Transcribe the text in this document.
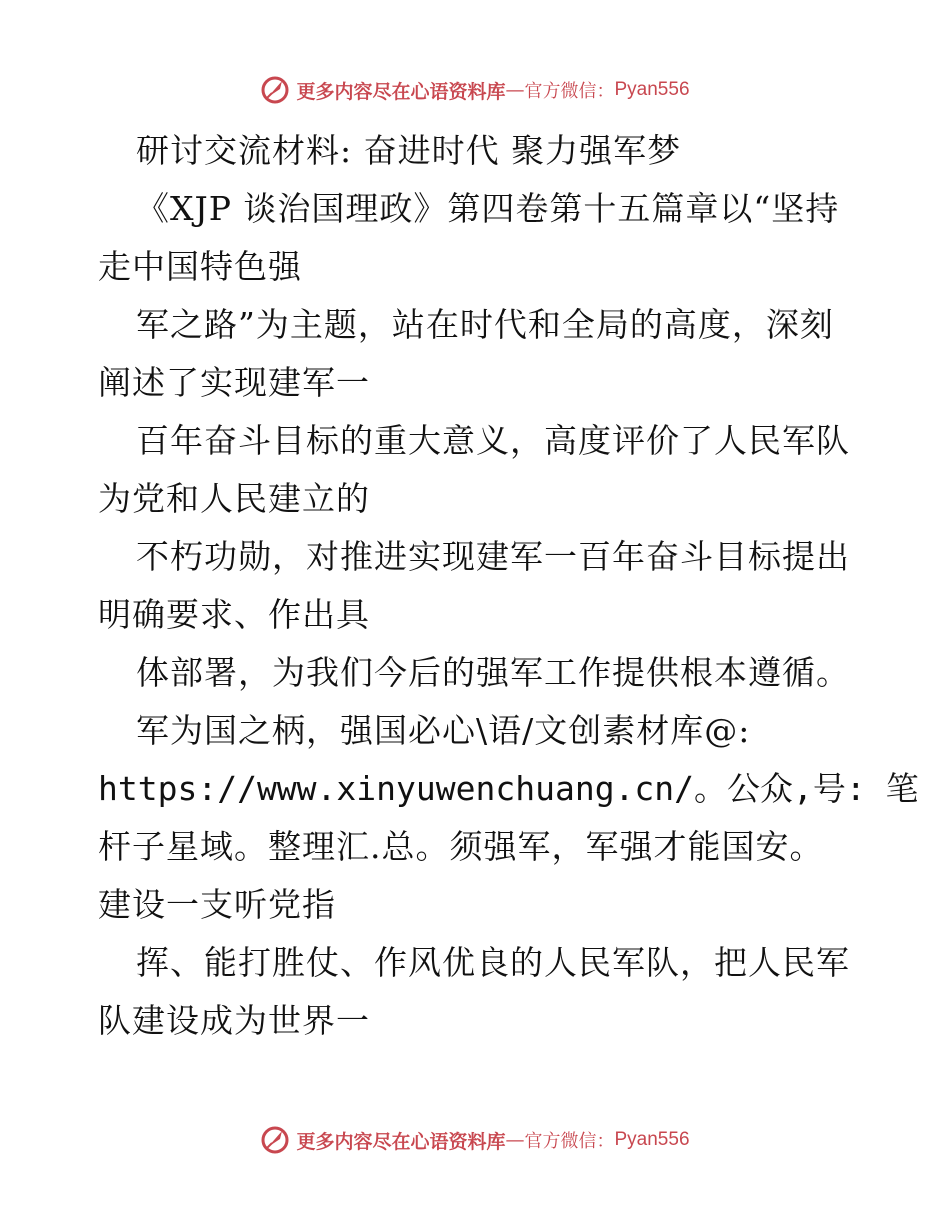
更多内容尽在心语资料库 — 官方微信： Pyan556
研讨交流材料: 奋进时代 聚力强军梦
《XJP 谈治国理政》第四卷第十五篇章以“坚持
走中国特色强
军之路”为主题，站在时代和全局的高度，深刻
阐述了实现建军一
百年奋斗目标的重大意义，高度评价了人民军队
为党和人民建立的
不朽功勋，对推进实现建军一百年奋斗目标提出
明确要求、作出具
体部署，为我们今后的强军工作提供根本遵循。
军为国之柄，强国必心\语/文创素材库@:
https://www.xinyuwenchuang.cn/。公众,号: 笔
杆子星域。整理汇.总。须强军，军强才能国安。
建设一支听党指
挥、能打胜仗、作风优良的人民军队，把人民军
队建设成为世界一
更多内容尽在心语资料库 — 官方微信： Pyan556
